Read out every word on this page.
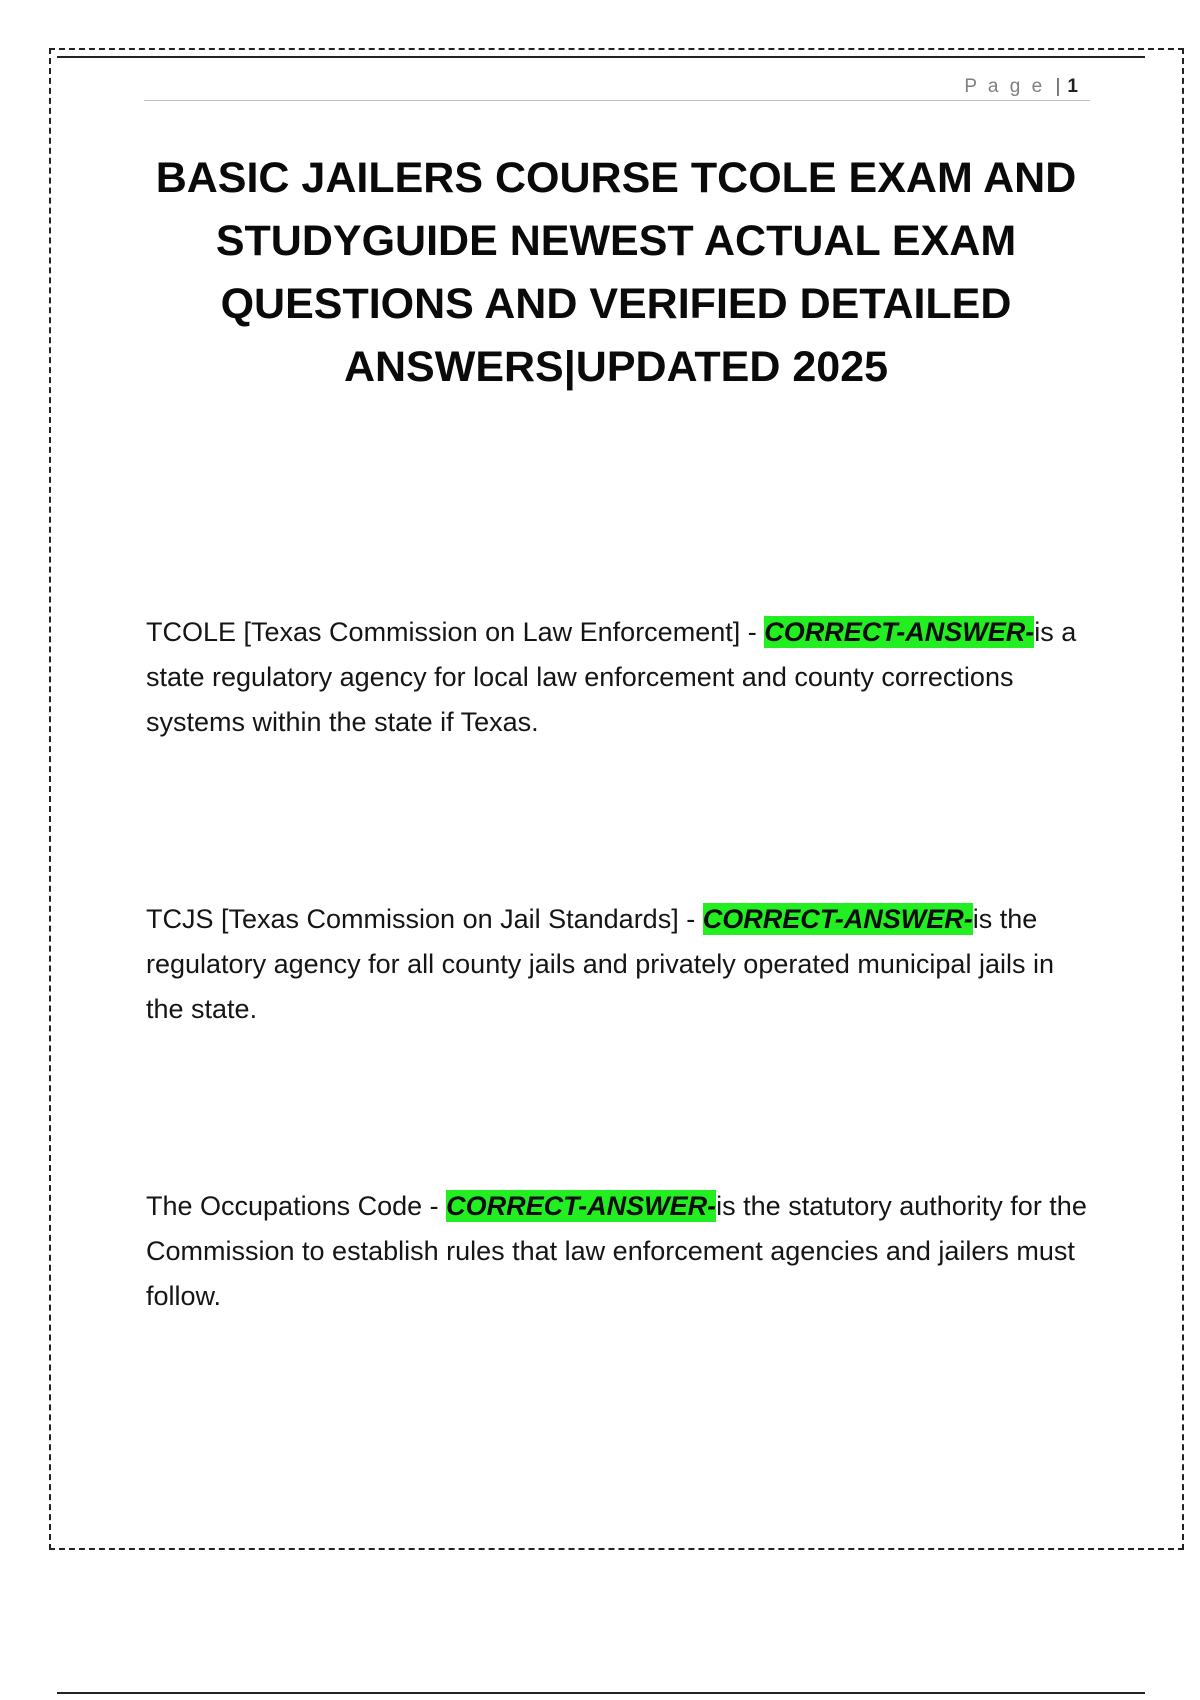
P a g e | 1
BASIC JAILERS COURSE TCOLE EXAM AND STUDYGUIDE NEWEST ACTUAL EXAM QUESTIONS AND VERIFIED DETAILED ANSWERS|UPDATED 2025

TCOLE [Texas Commission on Law Enforcement] - CORRECT-ANSWER-is a state regulatory agency for local law enforcement and county corrections systems within the state if Texas.

TCJS [Texas Commission on Jail Standards] - CORRECT-ANSWER-is the regulatory agency for all county jails and privately operated municipal jails in the state.

The Occupations Code - CORRECT-ANSWER-is the statutory authority for the Commission to establish rules that law enforcement agencies and jailers must follow.
